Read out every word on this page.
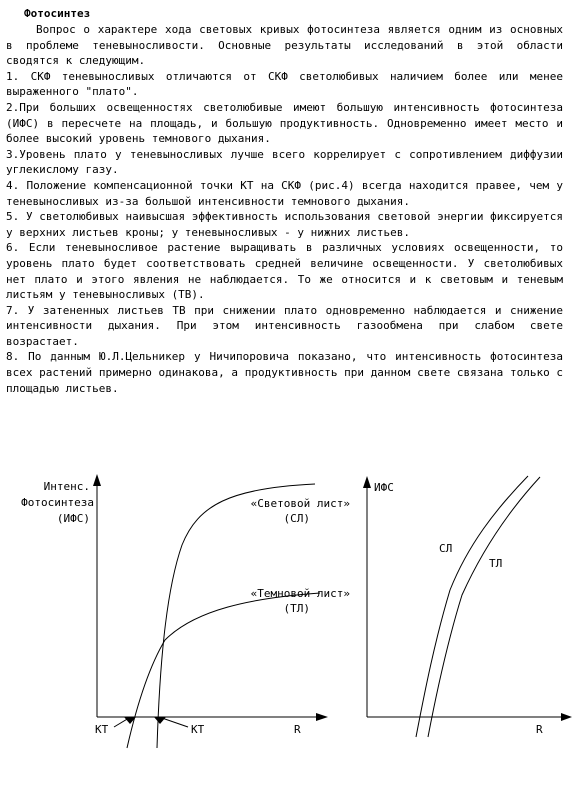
Фотосинтез

Вопрос о характере хода световых кривых фотосинтеза является одним из основных в проблеме теневыносливости. Основные результаты исследований в этой области сводятся к следующим.

1. СКФ теневыносливых отличаются от СКФ светолюбивых наличием более или менее выраженного "плато".

2.При больших освещенностях светолюбивые имеют большую интенсивность фотосинтеза (ИФС) в пересчете на площадь, и большую продуктивность. Одновременно имеет место и более высокий уровень темнового дыхания.

3.Уровень плато у теневыносливых лучше всего коррелирует с сопротивлением диффузии углекислому газу.

4. Положение компенсационной точки КТ на СКФ (рис.4) всегда находится правее, чем у теневыносливых из-за большой интенсивности темнового дыхания.

5. У светолюбивых наивысшая эффективность использования световой энергии фиксируется у верхних листьев кроны; у теневыносливых - у нижних листьев.

6. Если теневыносливое растение выращивать в различных условиях освещенности, то уровень плато будет соответствовать средней величине освещенности. У светолюбивых нет плато и этого явления не наблюдается. То же относится и к световым и теневым листьям у теневыносливых (ТВ).

7. У затененных листьев ТВ при снижении плато одновременно наблюдается и снижение интенсивности дыхания. При этом интенсивность газообмена при слабом свете возрастает.

8. По данным Ю.Л.Цельникер у Ничипоровича показано, что интенсивность фотосинтеза всех растений примерно одинакова, а продуктивность при данном свете связана только с площадью листьев.

Интенс.
Фотосинтеза
(ИФС)
«Световой лист»
(СЛ)
«Темновой лист»
(ТЛ)
КТ	КТ	R
ИФС
СЛ
ТЛ
R
